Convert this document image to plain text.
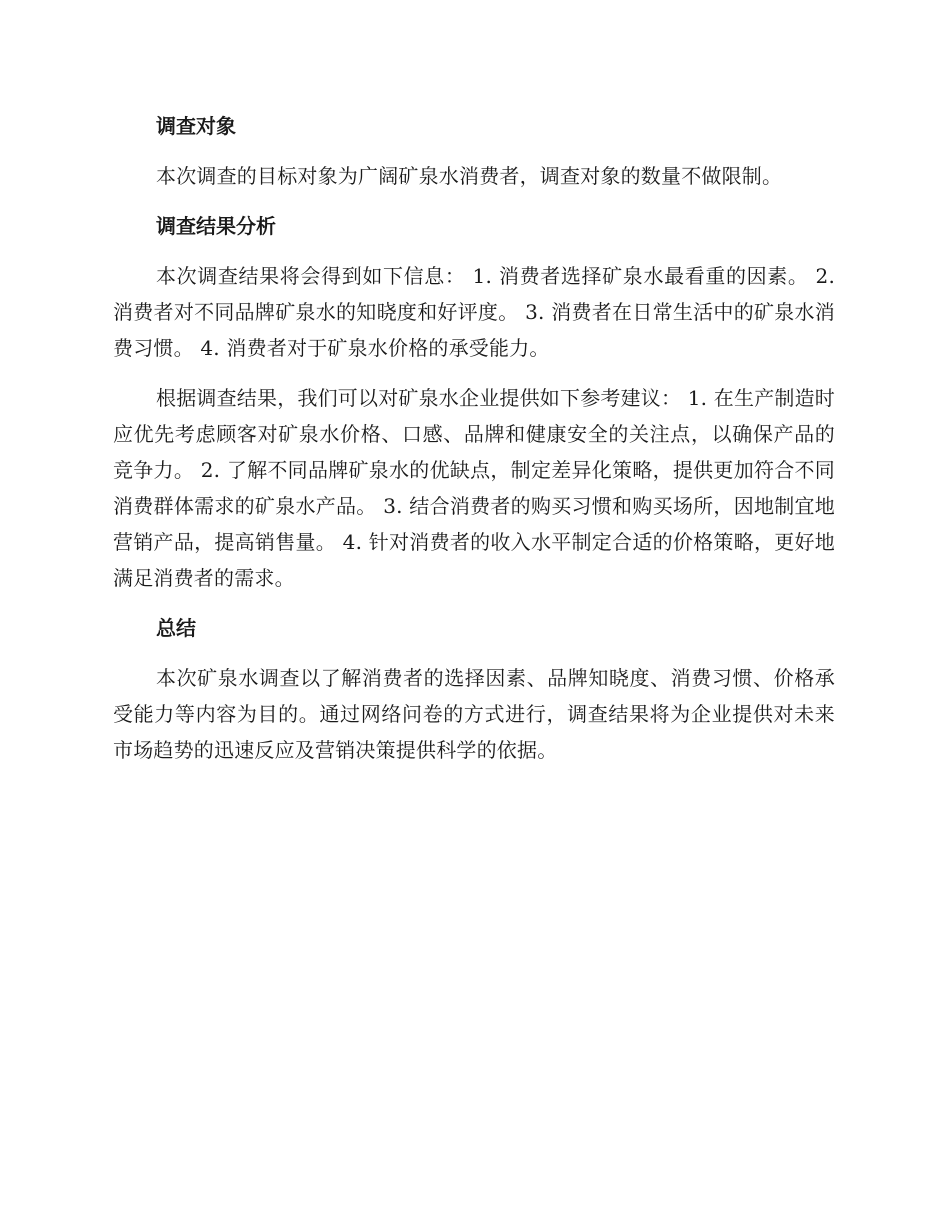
调查对象

本次调查的目标对象为广阔矿泉水消费者，调查对象的数量不做限制。

调查结果分析

本次调查结果将会得到如下信息： 1. 消费者选择矿泉水最看重的因素。 2. 消费者对不同品牌矿泉水的知晓度和好评度。 3. 消费者在日常生活中的矿泉水消费习惯。 4. 消费者对于矿泉水价格的承受能力。

根据调查结果，我们可以对矿泉水企业提供如下参考建议： 1. 在生产制造时应优先考虑顾客对矿泉水价格、口感、品牌和健康安全的关注点，以确保产品的竞争力。 2. 了解不同品牌矿泉水的优缺点，制定差异化策略，提供更加符合不同消费群体需求的矿泉水产品。 3. 结合消费者的购买习惯和购买场所，因地制宜地营销产品，提高销售量。 4. 针对消费者的收入水平制定合适的价格策略，更好地满足消费者的需求。

总结

本次矿泉水调查以了解消费者的选择因素、品牌知晓度、消费习惯、价格承受能力等内容为目的。通过网络问卷的方式进行，调查结果将为企业提供对未来市场趋势的迅速反应及营销决策提供科学的依据。
